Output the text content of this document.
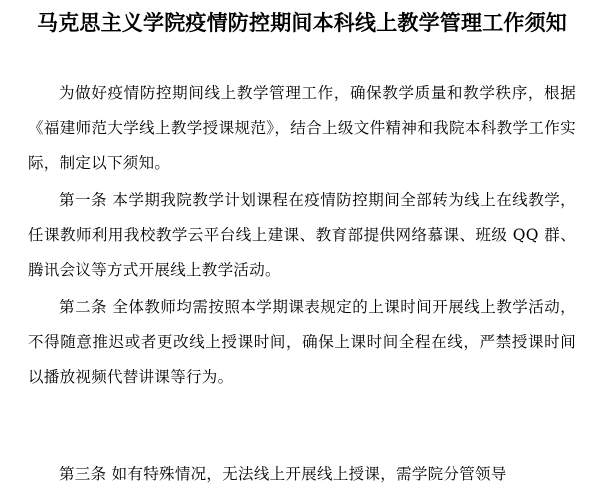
马克思主义学院疫情防控期间本科线上教学管理工作须知

为做好疫情防控期间线上教学管理工作，确保教学质量和教学秩序，根据《福建师范大学线上教学授课规范》，结合上级文件精神和我院本科教学工作实际，制定以下须知。

第一条 本学期我院教学计划课程在疫情防控期间全部转为线上在线教学，任课教师利用我校教学云平台线上建课、教育部提供网络慕课、班级 QQ 群、腾讯会议等方式开展线上教学活动。

第二条 全体教师均需按照本学期课表规定的上课时间开展线上教学活动，不得随意推迟或者更改线上授课时间，确保上课时间全程在线，严禁授课时间以播放视频代替讲课等行为。

第三条 如有特殊情况，无法线上开展线上授课，需学院分管领导
